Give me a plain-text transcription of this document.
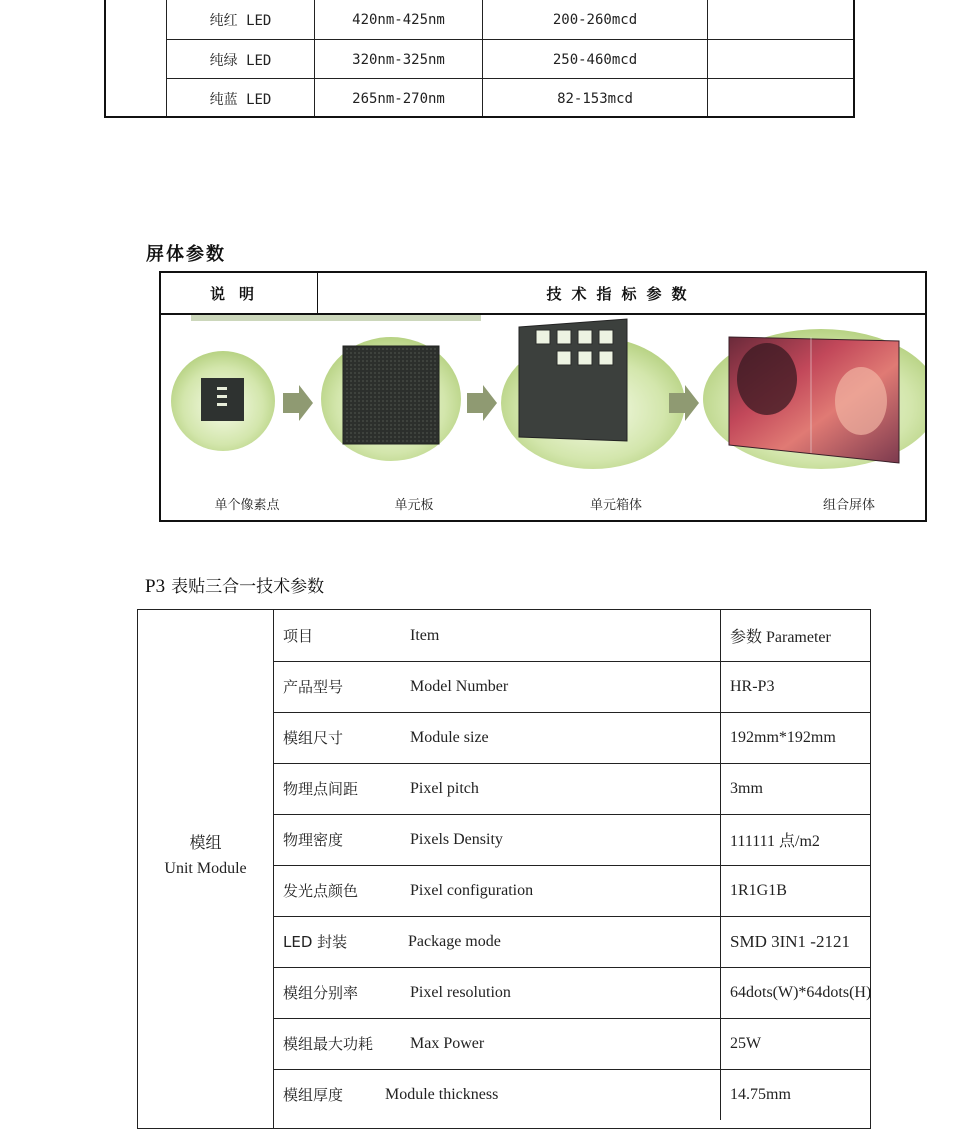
纯红 LED	420nm-425nm	200-260mcd
纯绿 LED	320nm-325nm	250-460mcd
纯蓝 LED	265nm-270nm	82-153mcd
屏体参数
说明	技术指标参数
单个像素点	单元板	单元箱体	组合屏体
P3 表贴三合一技术参数
模组
Unit Module
项目	Item	参数 Parameter
产品型号	Model Number	HR-P3
模组尺寸	Module size	192mm*192mm
物理点间距	Pixel pitch	3mm
物理密度	Pixels Density	111111 点/m2
发光点颜色	Pixel configuration	1R1G1B
LED 封装	Package mode	SMD 3IN1 -2121
模组分别率	Pixel resolution	64dots(W)*64dots(H)
模组最大功耗 Max Power	25W
模组厚度	Module thickness	14.75mm
